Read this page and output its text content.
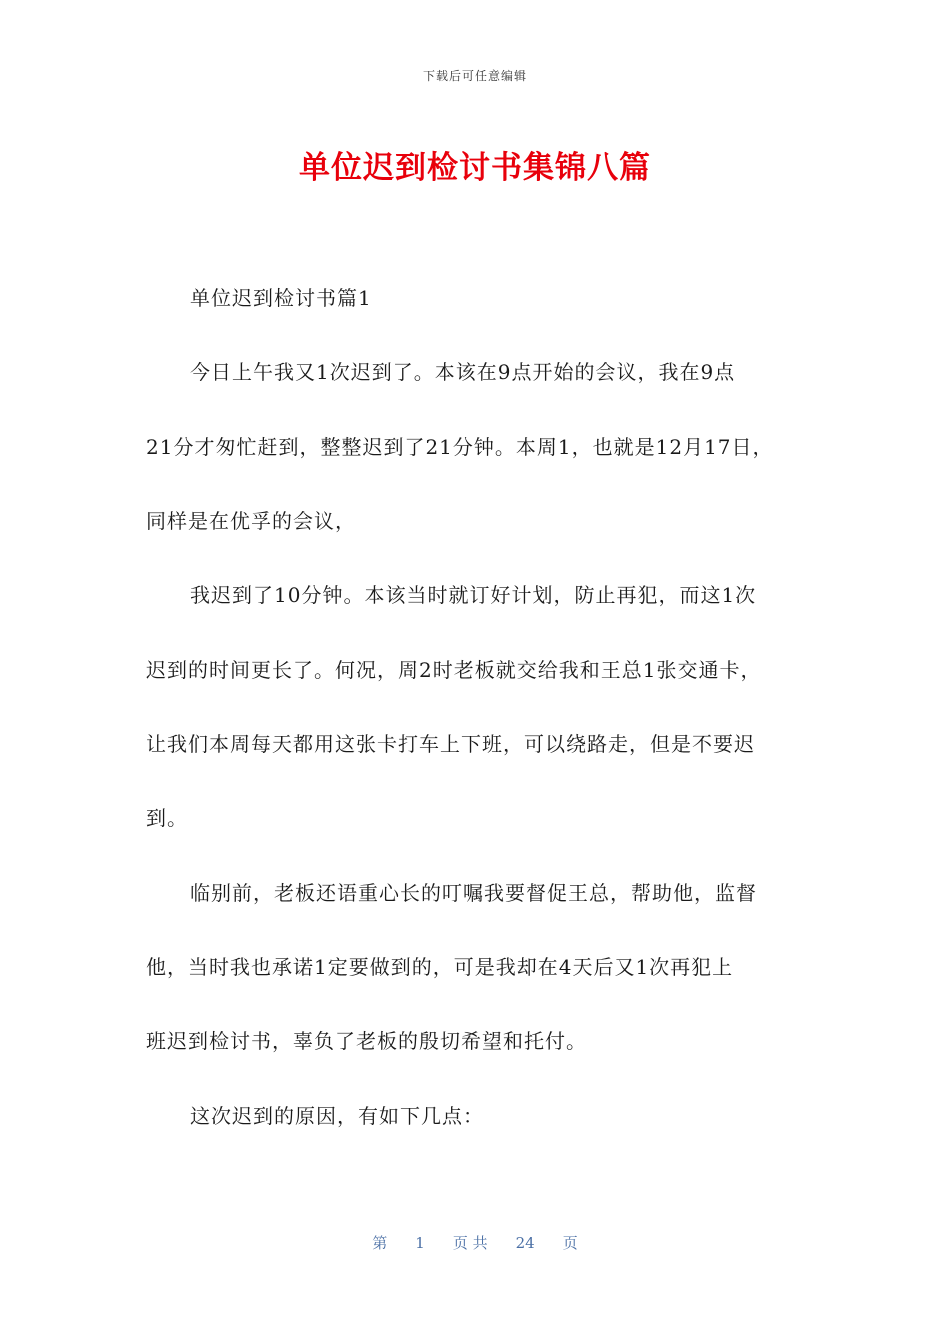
下载后可任意编辑
单位迟到检讨书集锦八篇
单位迟到检讨书篇1
今日上午我又1次迟到了。本该在9点开始的会议，我在9点
21分才匆忙赶到，整整迟到了21分钟。本周1，也就是12月17日，
同样是在优孚的会议，
我迟到了10分钟。本该当时就订好计划，防止再犯，而这1次
迟到的时间更长了。何况，周2时老板就交给我和王总1张交通卡，
让我们本周每天都用这张卡打车上下班，可以绕路走，但是不要迟
到。
临别前，老板还语重心长的叮嘱我要督促王总，帮助他，监督
他，当时我也承诺1定要做到的，可是我却在4天后又1次再犯上
班迟到检讨书，辜负了老板的殷切希望和托付。
这次迟到的原因，有如下几点：
第 1 页 共 24 页
